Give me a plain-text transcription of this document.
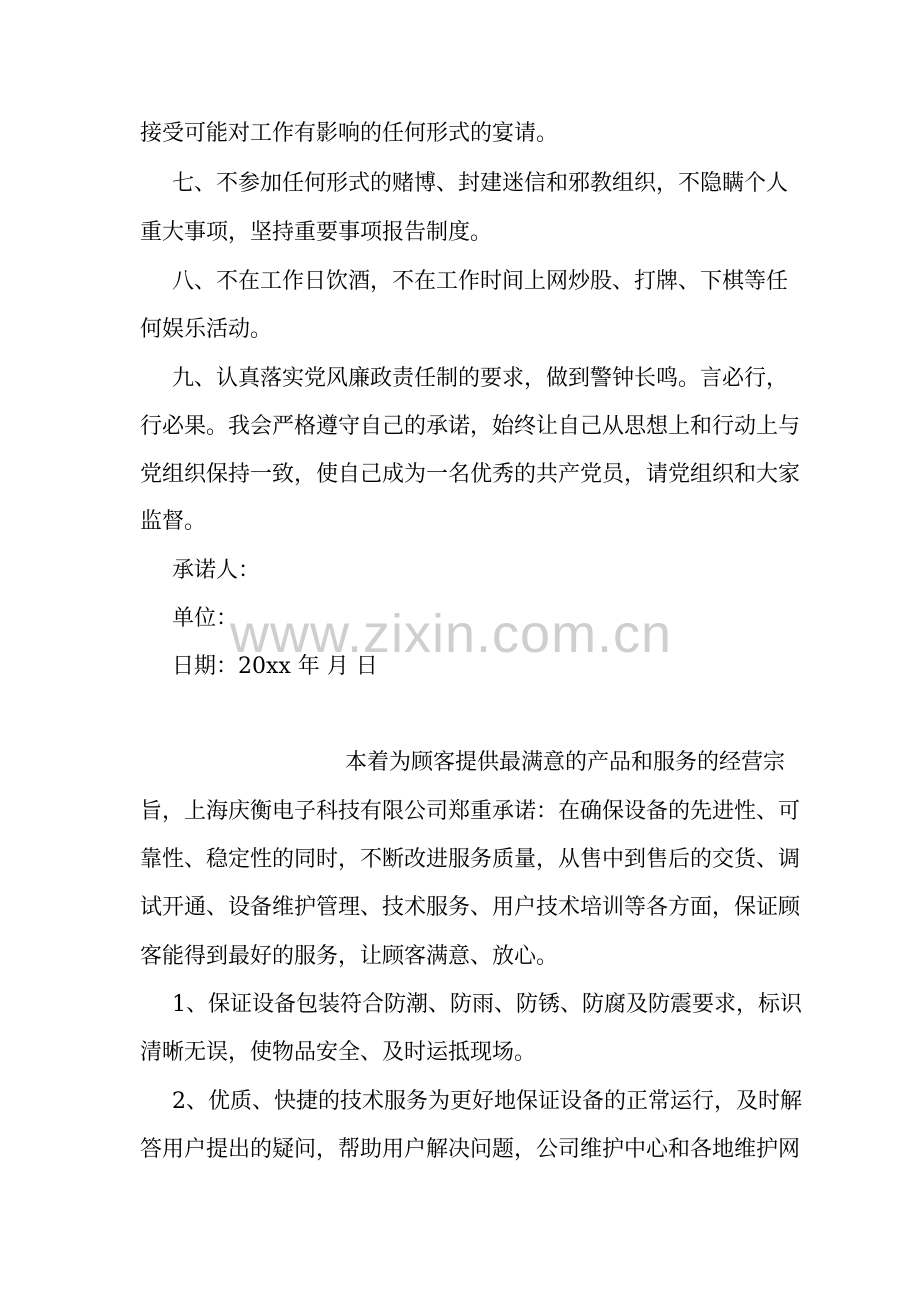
www.zixin.com.cn
接受可能对工作有影响的任何形式的宴请。
七、不参加任何形式的赌博、封建迷信和邪教组织，不隐瞒个人
重大事项，坚持重要事项报告制度。
八、不在工作日饮酒，不在工作时间上网炒股、打牌、下棋等任
何娱乐活动。
九、认真落实党风廉政责任制的要求，做到警钟长鸣。言必行，
行必果。我会严格遵守自己的承诺，始终让自己从思想上和行动上与
党组织保持一致，使自己成为一名优秀的共产党员，请党组织和大家
监督。
承诺人：
单位：
日期：20xx 年 月 日
本着为顾客提供最满意的产品和服务的经营宗
旨，上海庆衡电子科技有限公司郑重承诺：在确保设备的先进性、可
靠性、稳定性的同时，不断改进服务质量，从售中到售后的交货、调
试开通、设备维护管理、技术服务、用户技术培训等各方面，保证顾
客能得到最好的服务，让顾客满意、放心。
1、保证设备包装符合防潮、防雨、防锈、防腐及防震要求，标识
清晰无误，使物品安全、及时运抵现场。
2、优质、快捷的技术服务为更好地保证设备的正常运行，及时解
答用户提出的疑问，帮助用户解决问题，公司维护中心和各地维护网
